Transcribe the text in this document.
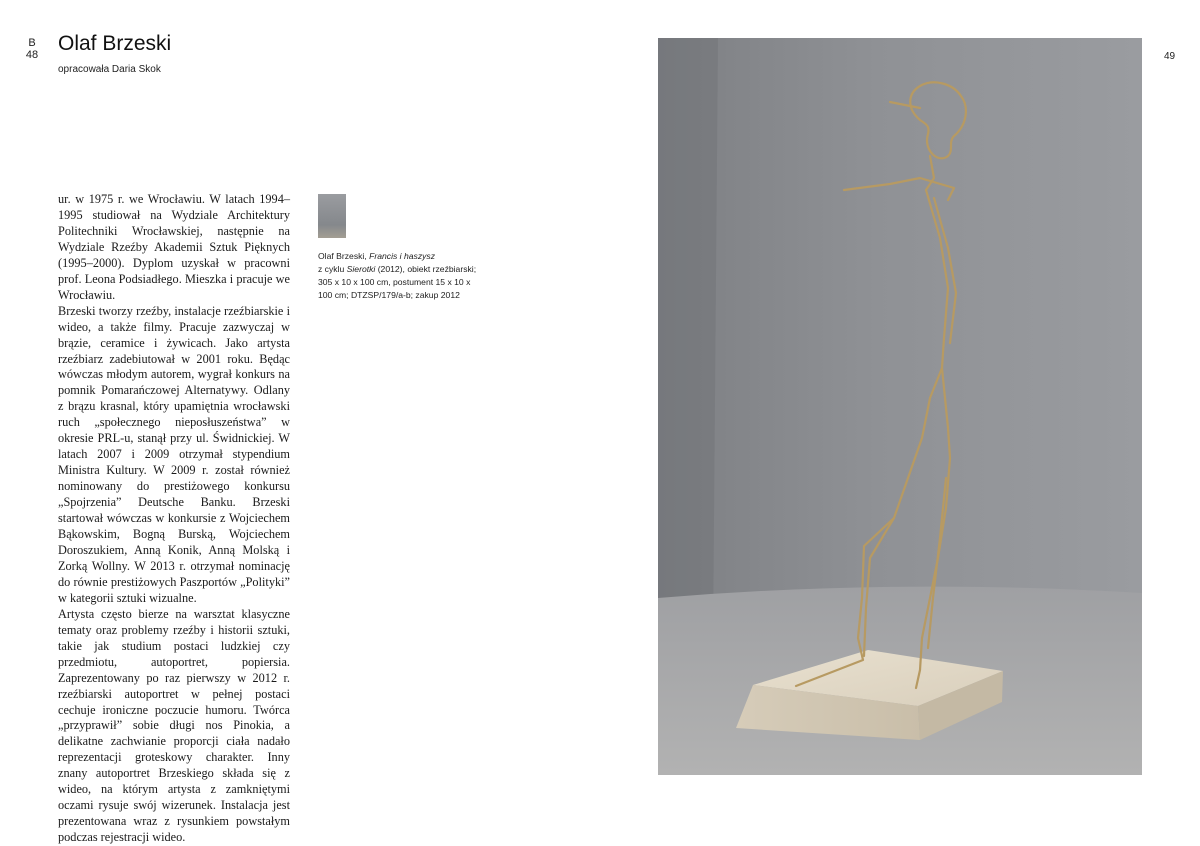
B
48 Olaf Brzeski
opracowała Daria Skok

ur. w 1975 r. we Wrocławiu. W latach 1994–1995 studiował na Wydziale Architektury Politechniki Wrocławskiej, następnie na Wydziale Rzeźby Akademii Sztuk Pięknych (1995–2000). Dyplom uzyskał w pracowni prof. Leona Podsiadłego. Mieszka i pracuje we Wrocławiu.

Brzeski tworzy rzeźby, instalacje rzeźbiarskie i wideo, a także filmy. Pracuje zazwyczaj w brązie, ceramice i żywicach. Jako artysta rzeźbiarz zadebiutował w 2001 roku. Będąc wówczas młodym autorem, wygrał konkurs na pomnik Pomarańczowej Alternatywy. Odlany z brązu krasnal, który upamiętnia wrocławski ruch „społecznego nieposłuszeństwa” w okresie PRL-u, stanął przy ul. Świdnickiej. W latach 2007 i 2009 otrzymał stypendium Ministra Kultury. W 2009 r. został również nominowany do prestiżowego konkursu „Spojrzenia” Deutsche Banku. Brzeski startował wówczas w konkursie z Wojciechem Bąkowskim, Bogną Burską, Wojciechem Doroszukiem, Anną Konik, Anną Molską i Zorką Wollny. W 2013 r. otrzymał nominację do równie prestiżowych Paszportów „Polityki” w kategorii sztuki wizualne.

Artysta często bierze na warsztat klasyczne tematy oraz problemy rzeźby i historii sztuki, takie jak studium postaci ludzkiej czy przedmiotu, autoportret, popiersia. Zaprezentowany po raz pierwszy w 2012 r. rzeźbiarski autoportret w pełnej postaci cechuje ironiczne poczucie humoru. Twórca „przyprawił” sobie długi nos Pinokia, a delikatne zachwianie proporcji ciała nadało reprezentacji groteskowy charakter. Inny znany autoportret Brzeskiego składa się z wideo, na którym artysta z zamkniętymi oczami rysuje swój wizerunek. Instalacja jest prezentowana wraz z rysunkiem powstałym podczas rejestracji wideo.

Olaf Brzeski, Francis i haszysz
z cyklu Sierotki (2012), obiekt rzeźbiarski;
305 x 10 x 100 cm, postument 15 x 10 x
100 cm; DTZSP/179/a-b; zakup 2012
49
